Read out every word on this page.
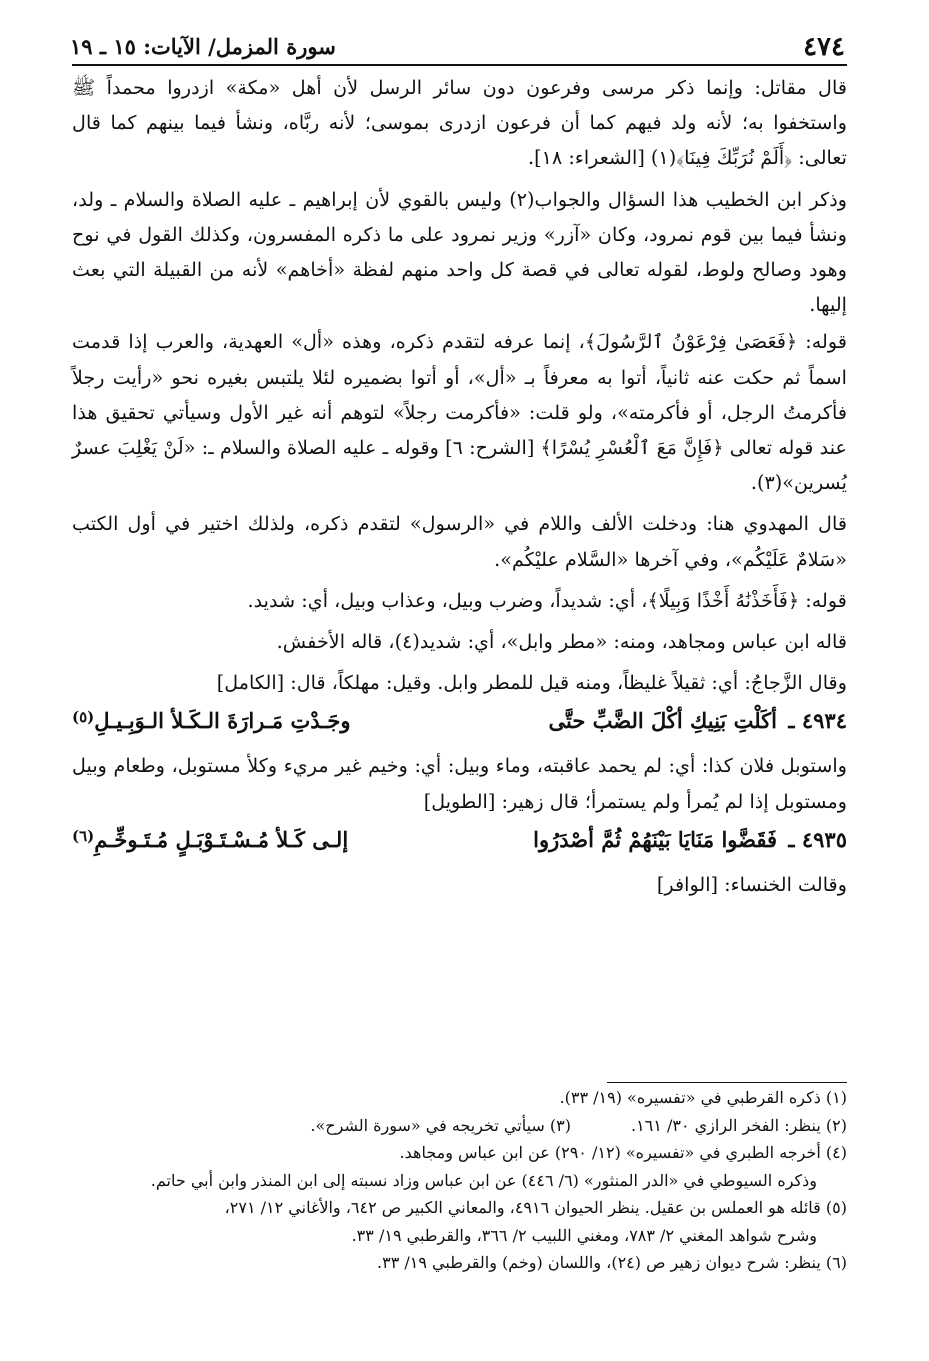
٤٧٤
سورة المزمل/ الآيات: ١٥ ـ ١٩

قال مقاتل: وإنما ذكر مرسى وفرعون دون سائر الرسل لأن أهل «مكة» ازدروا محمداً ﷺ واستخفوا به؛ لأنه ولد فيهم كما أن فرعون ازدرى بموسى؛ لأنه ربَّاه، ونشأ فيما بينهم كما قال تعالى: ﴿أَلَمْ نُرَبِّكَ فِينَا﴾(١) [الشعراء: ١٨].

وذكر ابن الخطيب هذا السؤال والجواب(٢) وليس بالقوي لأن إبراهيم ـ عليه الصلاة والسلام ـ ولد، ونشأ فيما بين قوم نمرود، وكان «آزر» وزير نمرود على ما ذكره المفسرون، وكذلك القول في نوح وهود وصالح ولوط، لقوله تعالى في قصة كل واحد منهم لفظة «أخاهم» لأنه من القبيلة التي بعث إليها.

قوله: ﴿فَعَصَىٰ فِرْعَوْنُ ٱلرَّسُولَ﴾، إنما عرفه لتقدم ذكره، وهذه «أل» العهدية، والعرب إذا قدمت اسماً ثم حكت عنه ثانياً، أتوا به معرفاً بـ «أل»، أو أتوا بضميره لئلا يلتبس بغيره نحو «رأيت رجلاً فأكرمتُ الرجل، أو فأكرمته»، ولو قلت: «فأكرمت رجلاً» لتوهم أنه غير الأول وسيأتي تحقيق هذا عند قوله تعالى ﴿فَإِنَّ مَعَ ٱلْعُسْرِ يُسْرًا﴾ [الشرح: ٦] وقوله ـ عليه الصلاة والسلام ـ: «لَنْ يَغْلِبَ عسرٌ يُسرين»(٣).

قال المهدوي هنا: ودخلت الألف واللام في «الرسول» لتقدم ذكره، ولذلك اختير في أول الكتب «سَلامٌ عَلَيْكُم»، وفي آخرها «السَّلام عليْكُم».

قوله: ﴿فَأَخَذْنَٰهُ أَخْذًا وَبِيلًا﴾، أي: شديداً، وضرب وبيل، وعذاب وبيل، أي: شديد.

قاله ابن عباس ومجاهد، ومنه: «مطر وابل»، أي: شديد(٤)، قاله الأخفش.

وقال الزَّجاجُ: أي: ثقيلاً غليظاً، ومنه قيل للمطر وابل. وقيل: مهلكاً، قال: [الكامل]

٤٩٣٤ ـ
أكَلْتِ بَنِيكِ أكْلَ الضَّبِّ حتَّى
وجَـدْتِ مَـرارَةَ الـكَـلأ الـوَبِـيـلِ$^{(٥)}$

واستوبل فلان كذا: أي: لم يحمد عاقبته، وماء وبيل: أي: وخيم غير مريء وكلأ مستوبل، وطعام وبيل ومستوبل إذا لم يُمرأ ولم يستمرأ؛ قال زهير: [الطويل]

٤٩٣٥ ـ
فَقَضَّوا مَنَايَا بَيْنَهُمْ ثُمَّ أصْدَرُوا
إلـى كَـلأ مُـسْـتَـوْبَـلٍ مُـتَـوخِّـمِ$^{(٦)}$

وقالت الخنساء: [الوافر]

(١) ذكره القرطبي في «تفسيره» (١٩/ ٣٣).

(٢) ينظر: الفخر الرازي ٣٠/ ١٦١.(٣) سيأتي تخريجه في «سورة الشرح».

(٤) أخرجه الطبري في «تفسيره» (١٢/ ٢٩٠) عن ابن عباس ومجاهد.

وذكره السيوطي في «الدر المنثور» (٦/ ٤٤٦) عن ابن عباس وزاد نسبته إلى ابن المنذر وابن أبي حاتم.

(٥) قائله هو العملس بن عقيل. ينظر الحيوان ٤٩١٦، والمعاني الكبير ص ٦٤٢، والأغاني ١٢/ ٢٧١،

وشرح شواهد المغني ٢/ ٧٨٣، ومغني اللبيب ٢/ ٣٦٦، والقرطبي ١٩/ ٣٣.

(٦) ينظر: شرح ديوان زهير ص (٢٤)، واللسان (وخم) والقرطبي ١٩/ ٣٣.
